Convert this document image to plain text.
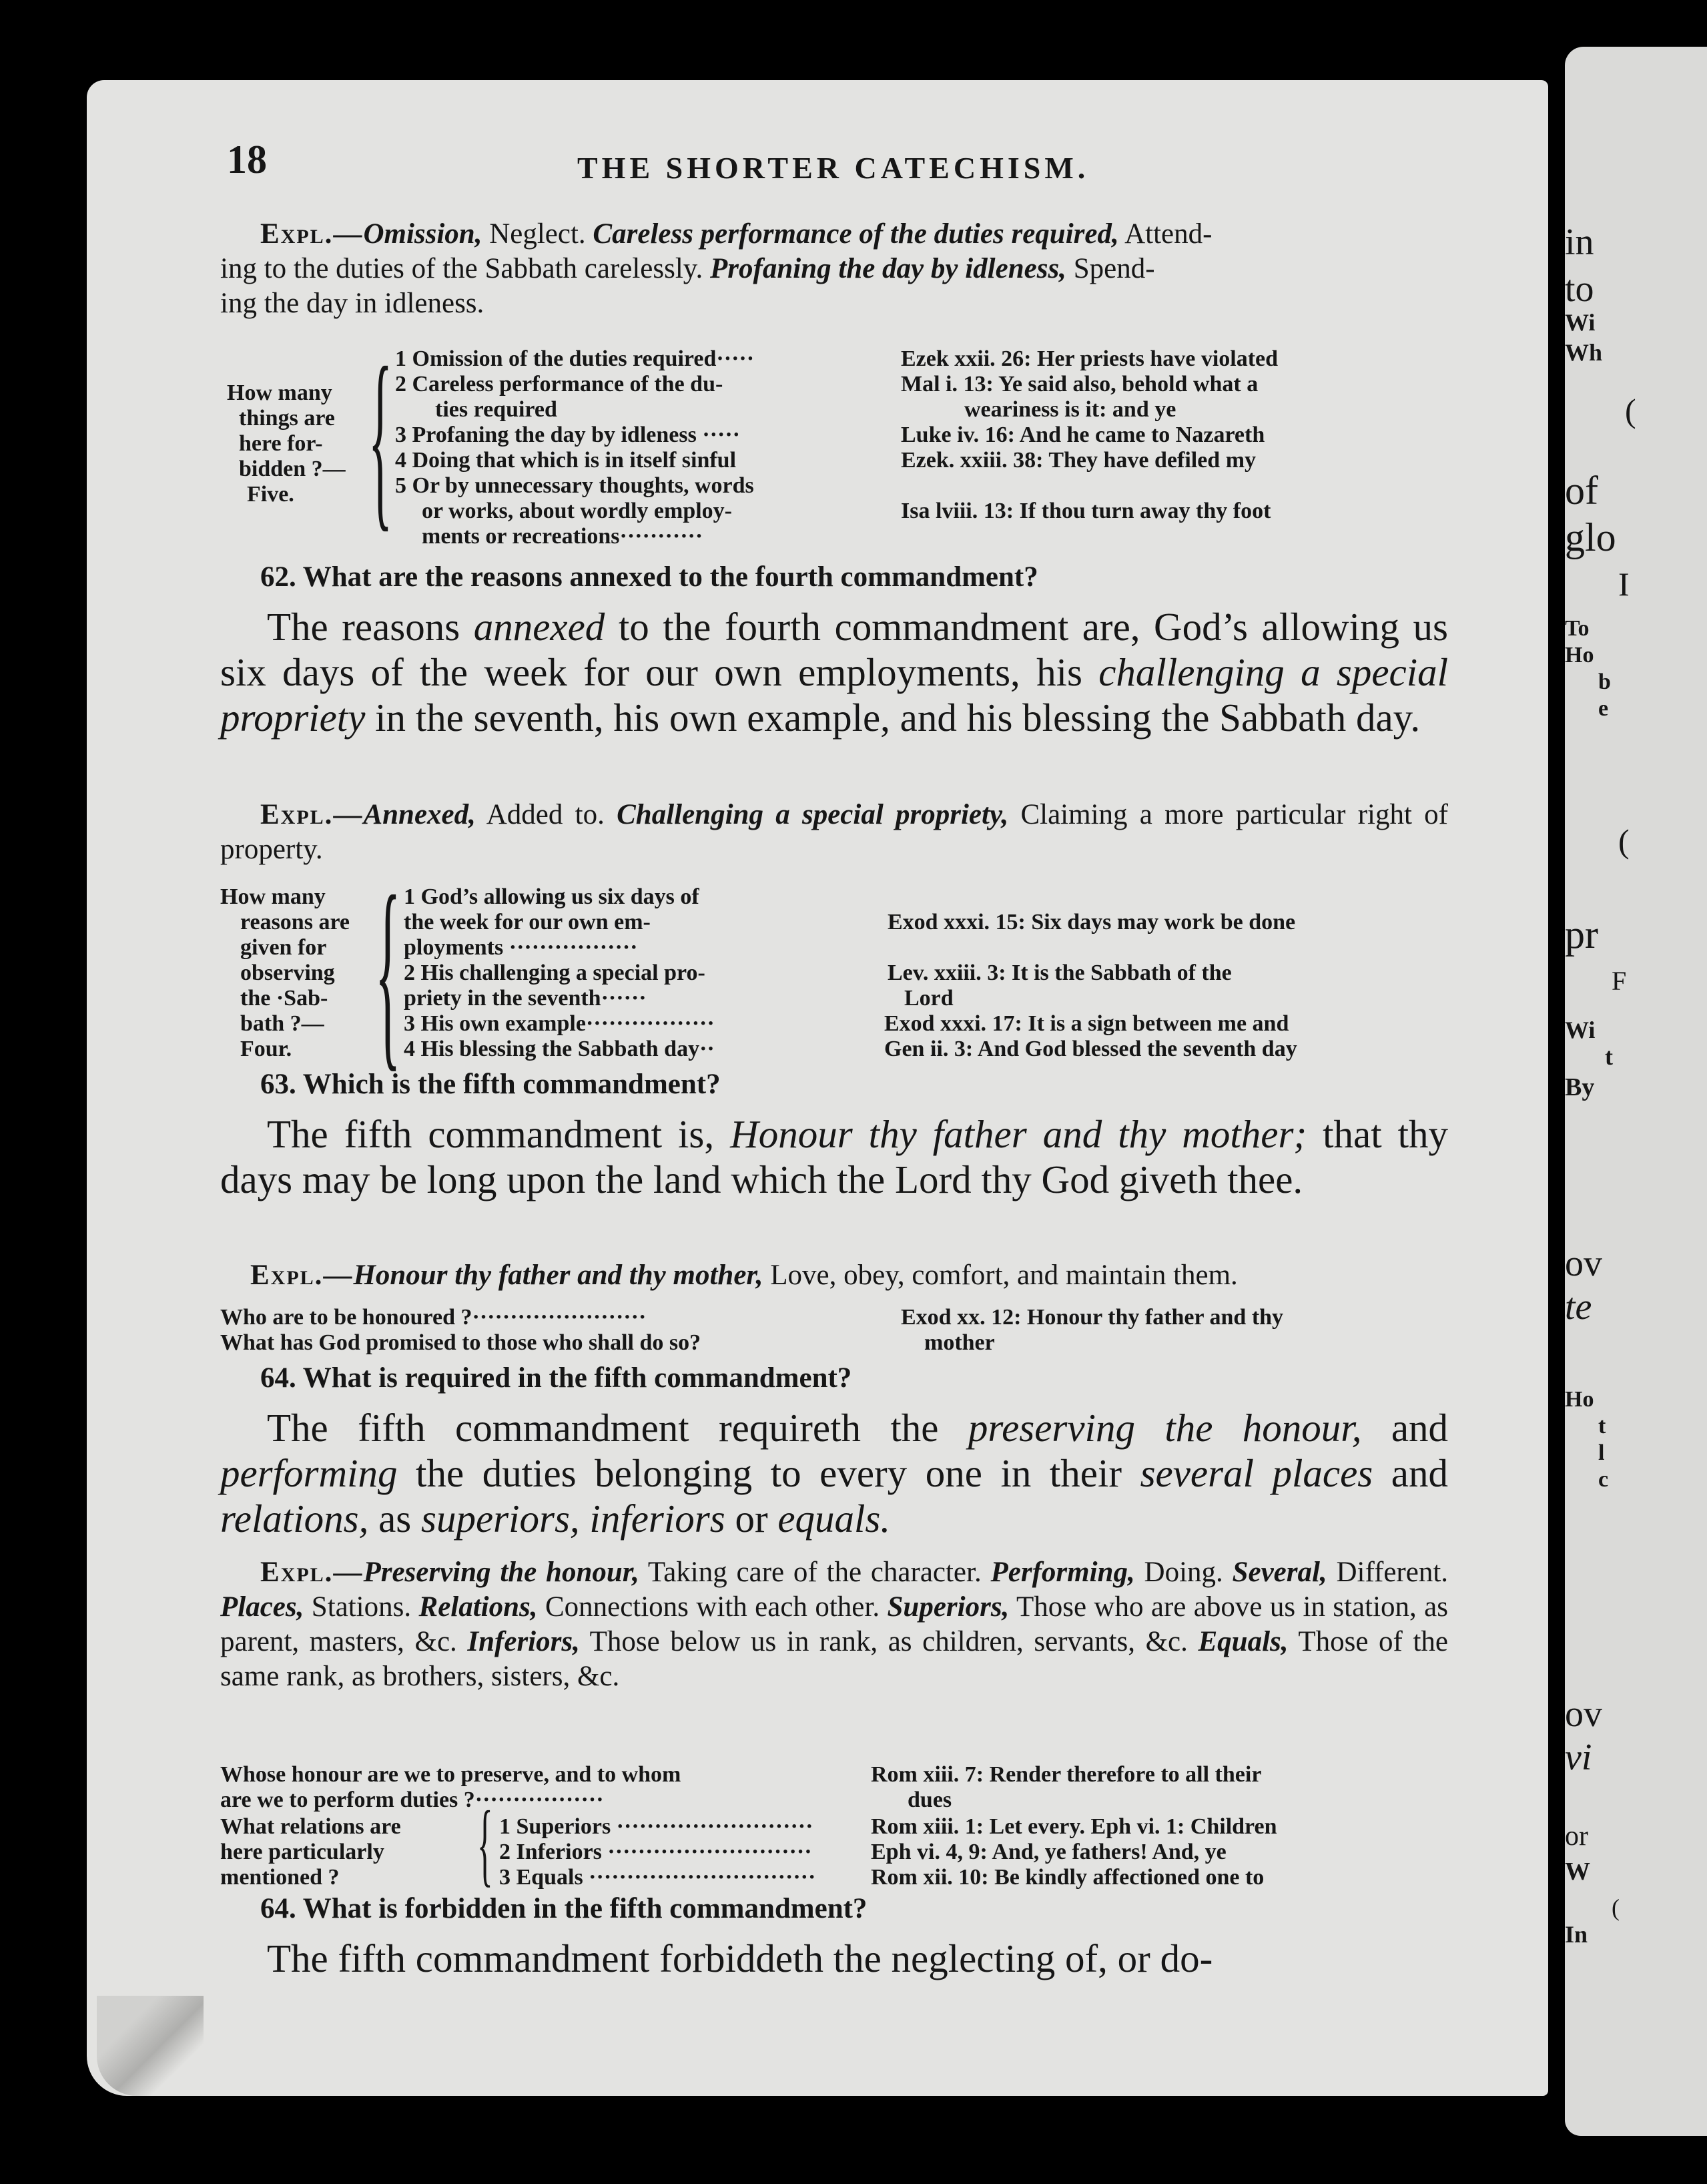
in
to
Wi
Wh
(
of
glo
I
To
Ho
b
e
(
pr
F
Wi
t
By
ov
te
Ho
t
l
c
ov
vi
or
W
(
In
18	THE SHORTER CATECHISM.
Expl.—Omission, Neglect. Careless performance of the duties required, Attend-
ing to the duties of the Sabbath carelessly. Profaning the day by idleness, Spend-
ing the day in idleness.
How many
things are
here for-
bidden ?—
Five. { 1 Omission of the duties required·····
2 Careless performance of the du-
ties required
3 Profaning the day by idleness ·····
4 Doing that which is in itself sinful
5 Or by unnecessary thoughts, words
or works, about wordly employ-
ments or recreations···········
Ezek xxii. 26: Her priests have violated
Mal i. 13: Ye said also, behold what a
weariness is it: and ye
Luke iv. 16: And he came to Nazareth
Ezek. xxiii. 38: They have defiled my
Isa lviii. 13: If thou turn away thy foot
62. What are the reasons annexed to the fourth commandment?
The reasons annexed to the fourth commandment are, God’s allowing us six days of the week for our own employments, his challenging a special propriety in the seventh, his own example, and his blessing the Sabbath day.
Expl.—Annexed, Added to. Challenging a special propriety, Claiming a more particular right of property.
How many
reasons are
given for
observing
the ·Sab-
bath ?—
Four. { 1 God’s allowing us six days of
the week for our own em-
ployments ·················
2 His challenging a special pro-
priety in the seventh······
3 His own example·················
4 His blessing the Sabbath day··
Exod xxxi. 15: Six days may work be done
Lev. xxiii. 3: It is the Sabbath of the
Lord
Exod xxxi. 17: It is a sign between me and
Gen ii. 3: And God blessed the seventh day
63. Which is the fifth commandment?
The fifth commandment is, Honour thy father and thy mother; that thy days may be long upon the land which the Lord thy God giveth thee.
Expl.—Honour thy father and thy mother, Love, obey, comfort, and maintain them.
Who are to be honoured ?·······················
What has God promised to those who shall do so?
Exod xx. 12: Honour thy father and thy
mother
64. What is required in the fifth commandment?
The fifth commandment requireth the preserving the honour, and performing the duties belonging to every one in their several places and relations, as superiors, inferiors or equals.
Expl.—Preserving the honour, Taking care of the character. Performing, Doing. Several, Different. Places, Stations. Relations, Connections with each other. Superiors, Those who are above us in station, as parent, masters, &c. Inferiors, Those below us in rank, as children, servants, &c. Equals, Those of the same rank, as brothers, sisters, &c.
Whose honour are we to preserve, and to whom
are we to perform duties ?·················
Rom xiii. 7: Render therefore to all their
dues
What relations are
here particularly
mentioned ?	{ 1 Superiors ··························
2 Inferiors ···························
3 Equals ······························
Rom xiii. 1: Let every. Eph vi. 1: Children
Eph vi. 4, 9: And, ye fathers! And, ye
Rom xii. 10: Be kindly affectioned one to
64. What is forbidden in the fifth commandment?
The fifth commandment forbiddeth the neglecting of, or do-
